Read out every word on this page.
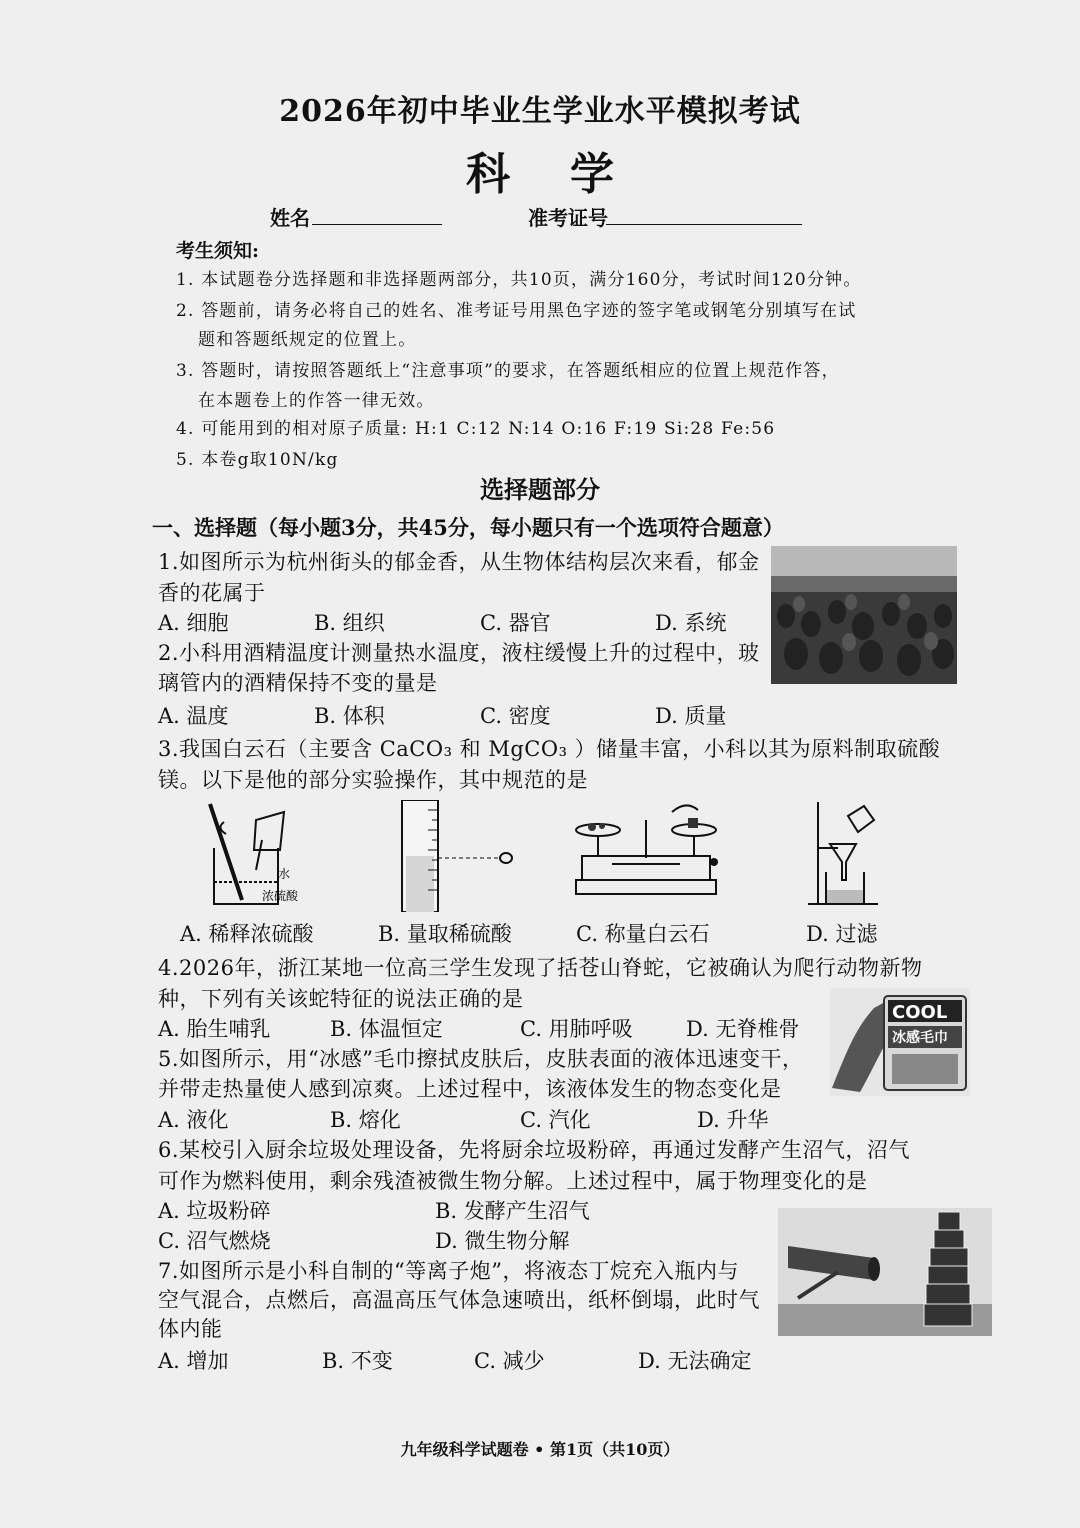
2026年初中毕业生学业水平模拟考试
科学
姓名	准考证号
考生须知:
1. 本试题卷分选择题和非选择题两部分，共10页，满分160分，考试时间120分钟。
2. 答题前，请务必将自己的姓名、准考证号用黑色字迹的签字笔或钢笔分别填写在试
题和答题纸规定的位置上。
3. 答题时，请按照答题纸上“注意事项”的要求，在答题纸相应的位置上规范作答，
在本题卷上的作答一律无效。
4. 可能用到的相对原子质量: H:1 C:12 N:14 O:16 F:19 Si:28 Fe:56
5. 本卷g取10N/kg
选择题部分
一、选择题（每小题3分，共45分，每小题只有一个选项符合题意）
1.如图所示为杭州街头的郁金香，从生物体结构层次来看，郁金
香的花属于
A. 细胞	B. 组织	C. 器官	D. 系统
2.小科用酒精温度计测量热水温度，液柱缓慢上升的过程中，玻
璃管内的酒精保持不变的量是
A. 温度	B. 体积	C. 密度	D. 质量
3.我国白云石（主要含 CaCO₃ 和 MgCO₃ ）储量丰富，小科以其为原料制取硫酸
镁。以下是他的部分实验操作，其中规范的是
水
浓硫酸
A. 稀释浓硫酸	B. 量取稀硫酸	C. 称量白云石	D. 过滤
4.2026年，浙江某地一位高三学生发现了括苍山脊蛇，它被确认为爬行动物新物
种，下列有关该蛇特征的说法正确的是
A. 胎生哺乳	B. 体温恒定	C. 用肺呼吸	D. 无脊椎骨
COOL
冰感毛巾
5.如图所示，用“冰感”毛巾擦拭皮肤后，皮肤表面的液体迅速变干，
并带走热量使人感到凉爽。上述过程中，该液体发生的物态变化是
A. 液化	B. 熔化	C. 汽化	D. 升华
6.某校引入厨余垃圾处理设备，先将厨余垃圾粉碎，再通过发酵产生沼气，沼气
可作为燃料使用，剩余残渣被微生物分解。上述过程中，属于物理变化的是
A. 垃圾粉碎	B. 发酵产生沼气
C. 沼气燃烧	D. 微生物分解
7.如图所示是小科自制的“等离子炮”，将液态丁烷充入瓶内与
空气混合，点燃后，高温高压气体急速喷出，纸杯倒塌，此时气
体内能
A. 增加	B. 不变	C. 减少	D. 无法确定
九年级科学试题卷 • 第1页（共10页）
